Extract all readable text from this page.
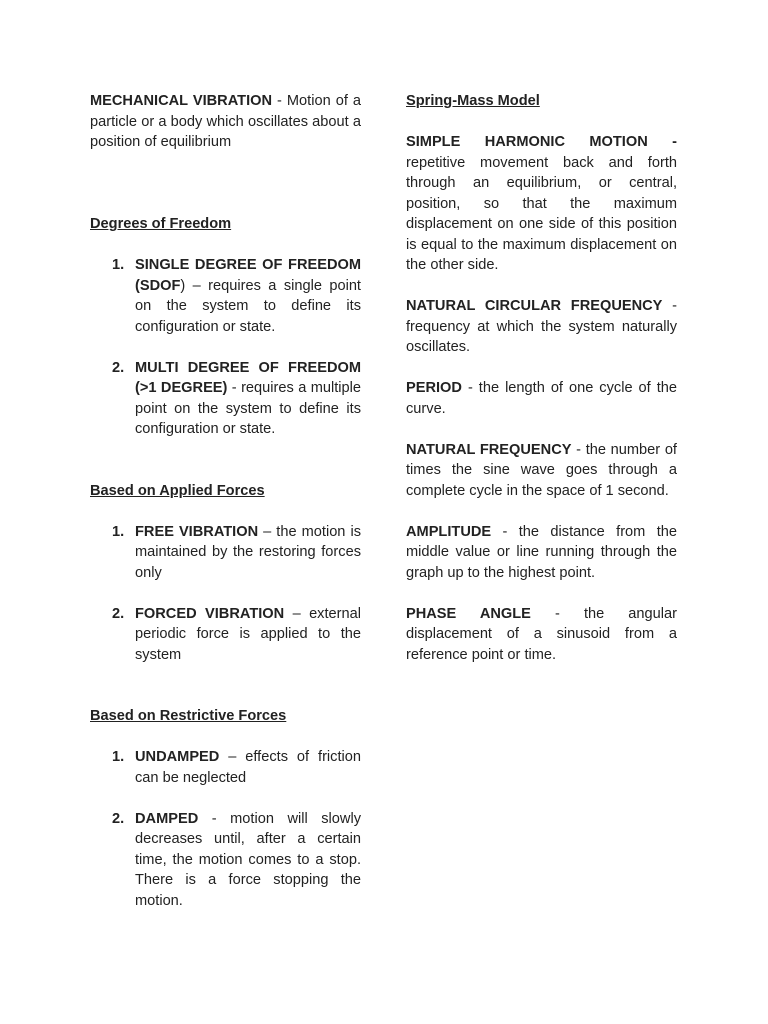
MECHANICAL VIBRATION - Motion of a particle or a body which oscillates about a position of equilibrium

Degrees of Freedom

1. SINGLE DEGREE OF FREEDOM (SDOF) – requires a single point on the system to define its configuration or state.
2. MULTI DEGREE OF FREEDOM (>1 DEGREE) - requires a multiple point on the system to define its configuration or state.

Based on Applied Forces

1. FREE VIBRATION – the motion is maintained by the restoring forces only
2. FORCED VIBRATION – external periodic force is applied to the system

Based on Restrictive Forces

1. UNDAMPED – effects of friction can be neglected
2. DAMPED - motion will slowly decreases until, after a certain time, the motion comes to a stop. There is a force stopping the motion.

Spring-Mass Model

SIMPLE HARMONIC MOTION - repetitive movement back and forth through an equilibrium, or central, position, so that the maximum displacement on one side of this position is equal to the maximum displacement on the other side.

NATURAL CIRCULAR FREQUENCY - frequency at which the system naturally oscillates.

PERIOD - the length of one cycle of the curve.

NATURAL FREQUENCY - the number of times the sine wave goes through a complete cycle in the space of 1 second.

AMPLITUDE - the distance from the middle value or line running through the graph up to the highest point.

PHASE ANGLE - the angular displacement of a sinusoid from a reference point or time.
